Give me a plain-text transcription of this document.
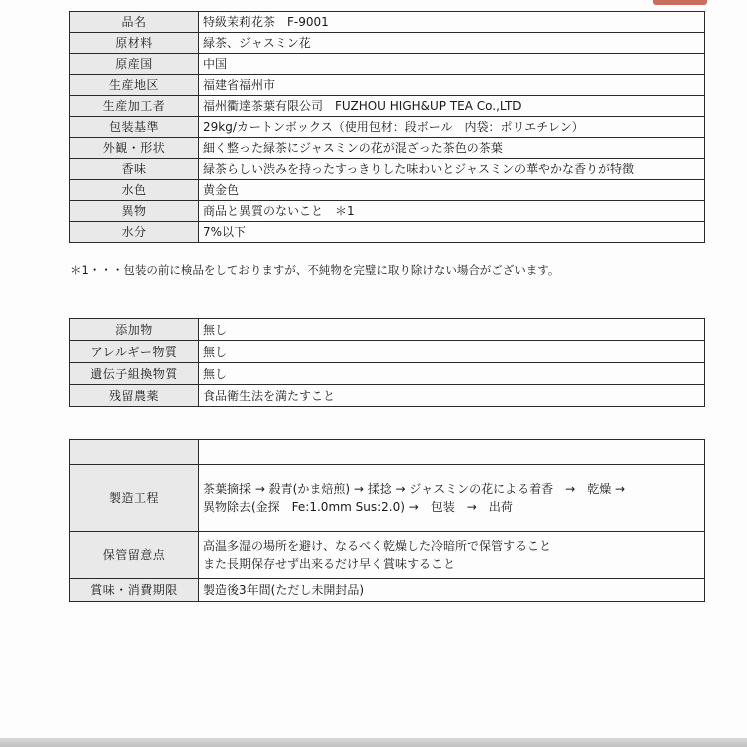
品名	特級茉莉花茶　F-9001
原材料	緑茶、ジャスミン花
原産国	中国
生産地区	福建省福州市
生産加工者	福州衢達茶葉有限公司　FUZHOU HIGH&UP TEA Co.,LTD
包装基準	29kg/カートンボックス（使用包材：段ボール　内袋：ポリエチレン）
外観・形状	細く整った緑茶にジャスミンの花が混ざった茶色の茶葉
香味	緑茶らしい渋みを持ったすっきりした味わいとジャスミンの華やかな香りが特徴
水色	黄金色
異物	商品と異質のないこと　＊1
水分	7%以下
＊1・・・包装の前に検品をしておりますが、不純物を完璧に取り除けない場合がございます。
添加物	無し
アレルギー物質	無し
遺伝子組換物質	無し
残留農薬	食品衛生法を満たすこと

製造工程	茶葉摘採 → 殺青(かま焙煎) → 揉捻 → ジャスミンの花による着香　→　乾燥 →
異物除去(金探　Fe:1.0mm Sus:2.0) →　包装　→　出荷

保管留意点	高温多湿の場所を避け、なるべく乾燥した冷暗所で保管すること
また長期保存せず出来るだけ早く賞味すること

賞味・消費期限	製造後3年間(ただし未開封品)
